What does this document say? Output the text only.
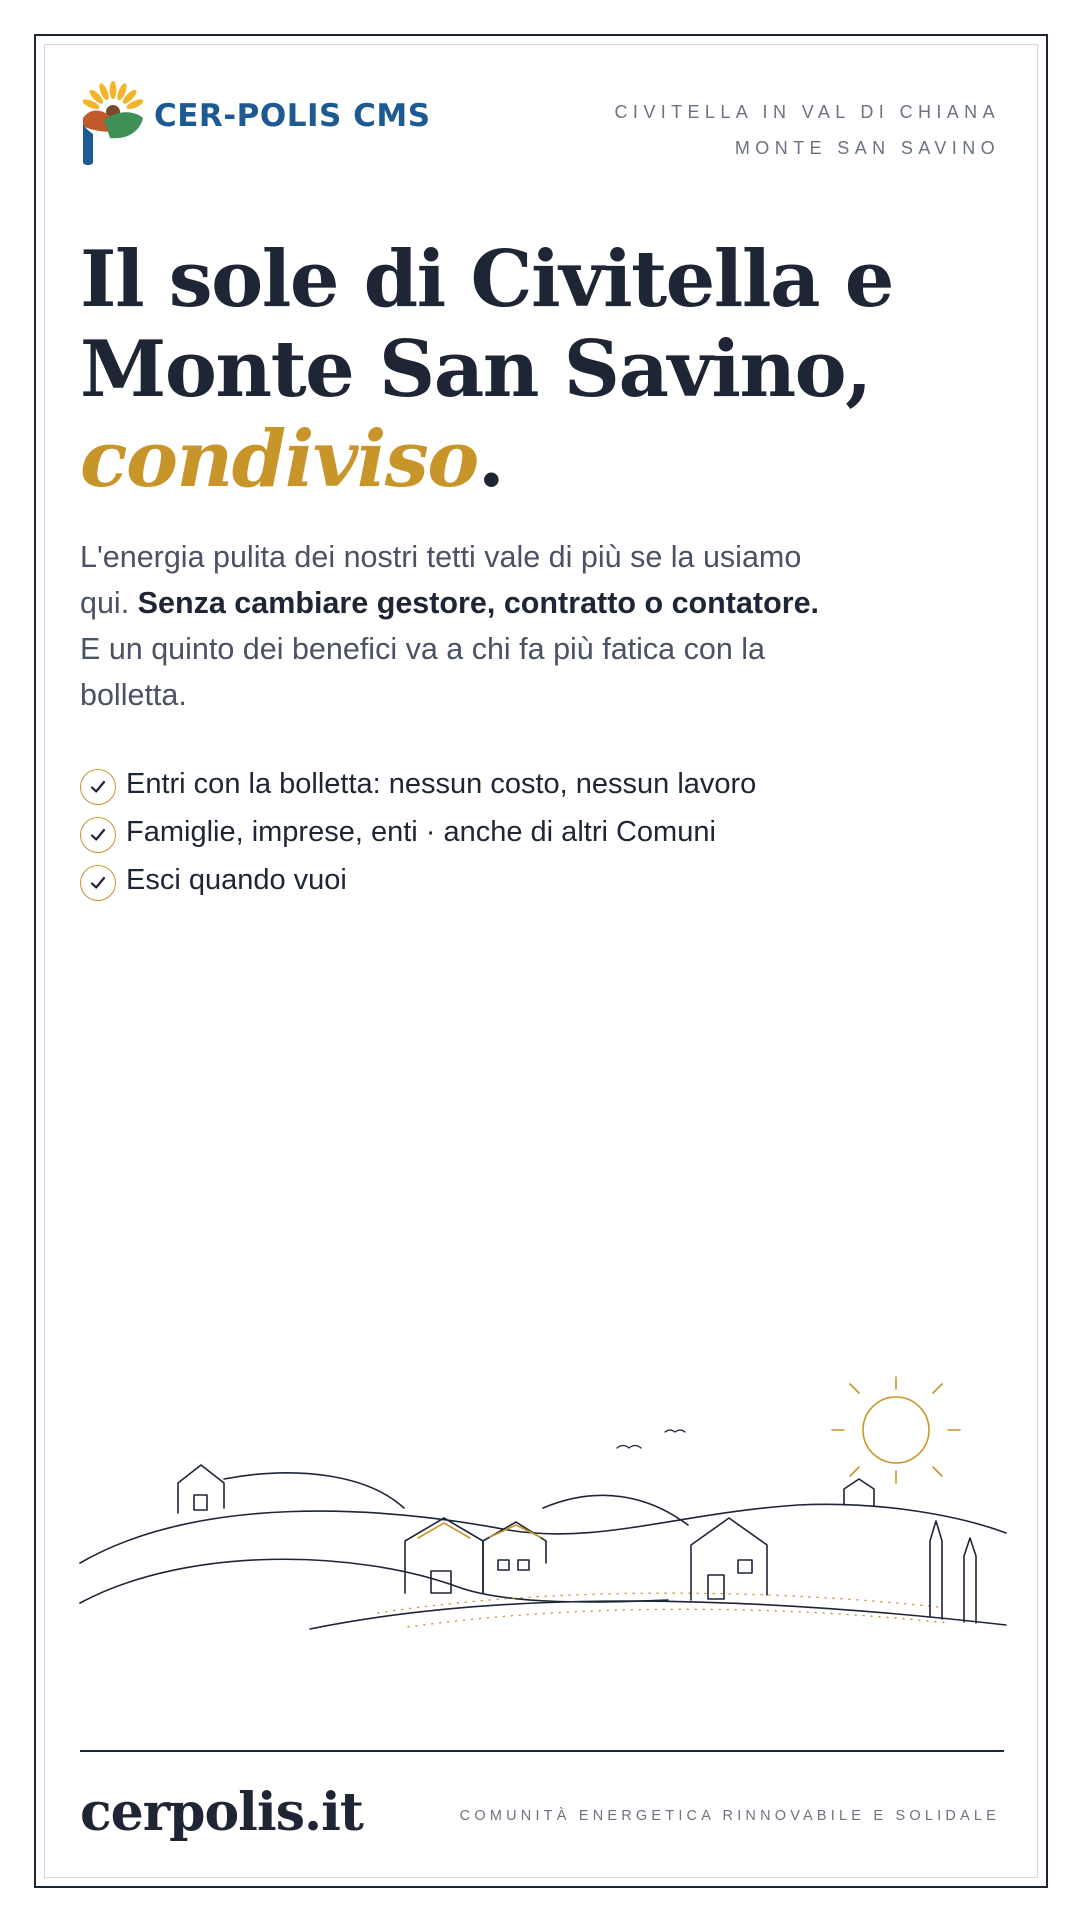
CER-POLIS CMS	CIVITELLA IN VAL DI CHIANA
MONTE SAN SAVINO
Il sole di Civitella e
Monte San Savino,
condiviso.

L'energia pulita dei nostri tetti vale di più se la usiamo qui. Senza cambiare gestore, contratto o contatore. E un quinto dei benefici va a chi fa più fatica con la bolletta.

Entri con la bolletta: nessun costo, nessun lavoro
Famiglie, imprese, enti · anche di altri Comuni
Esci quando vuoi
cerpolis.it	COMUNITÀ ENERGETICA RINNOVABILE E SOLIDALE
